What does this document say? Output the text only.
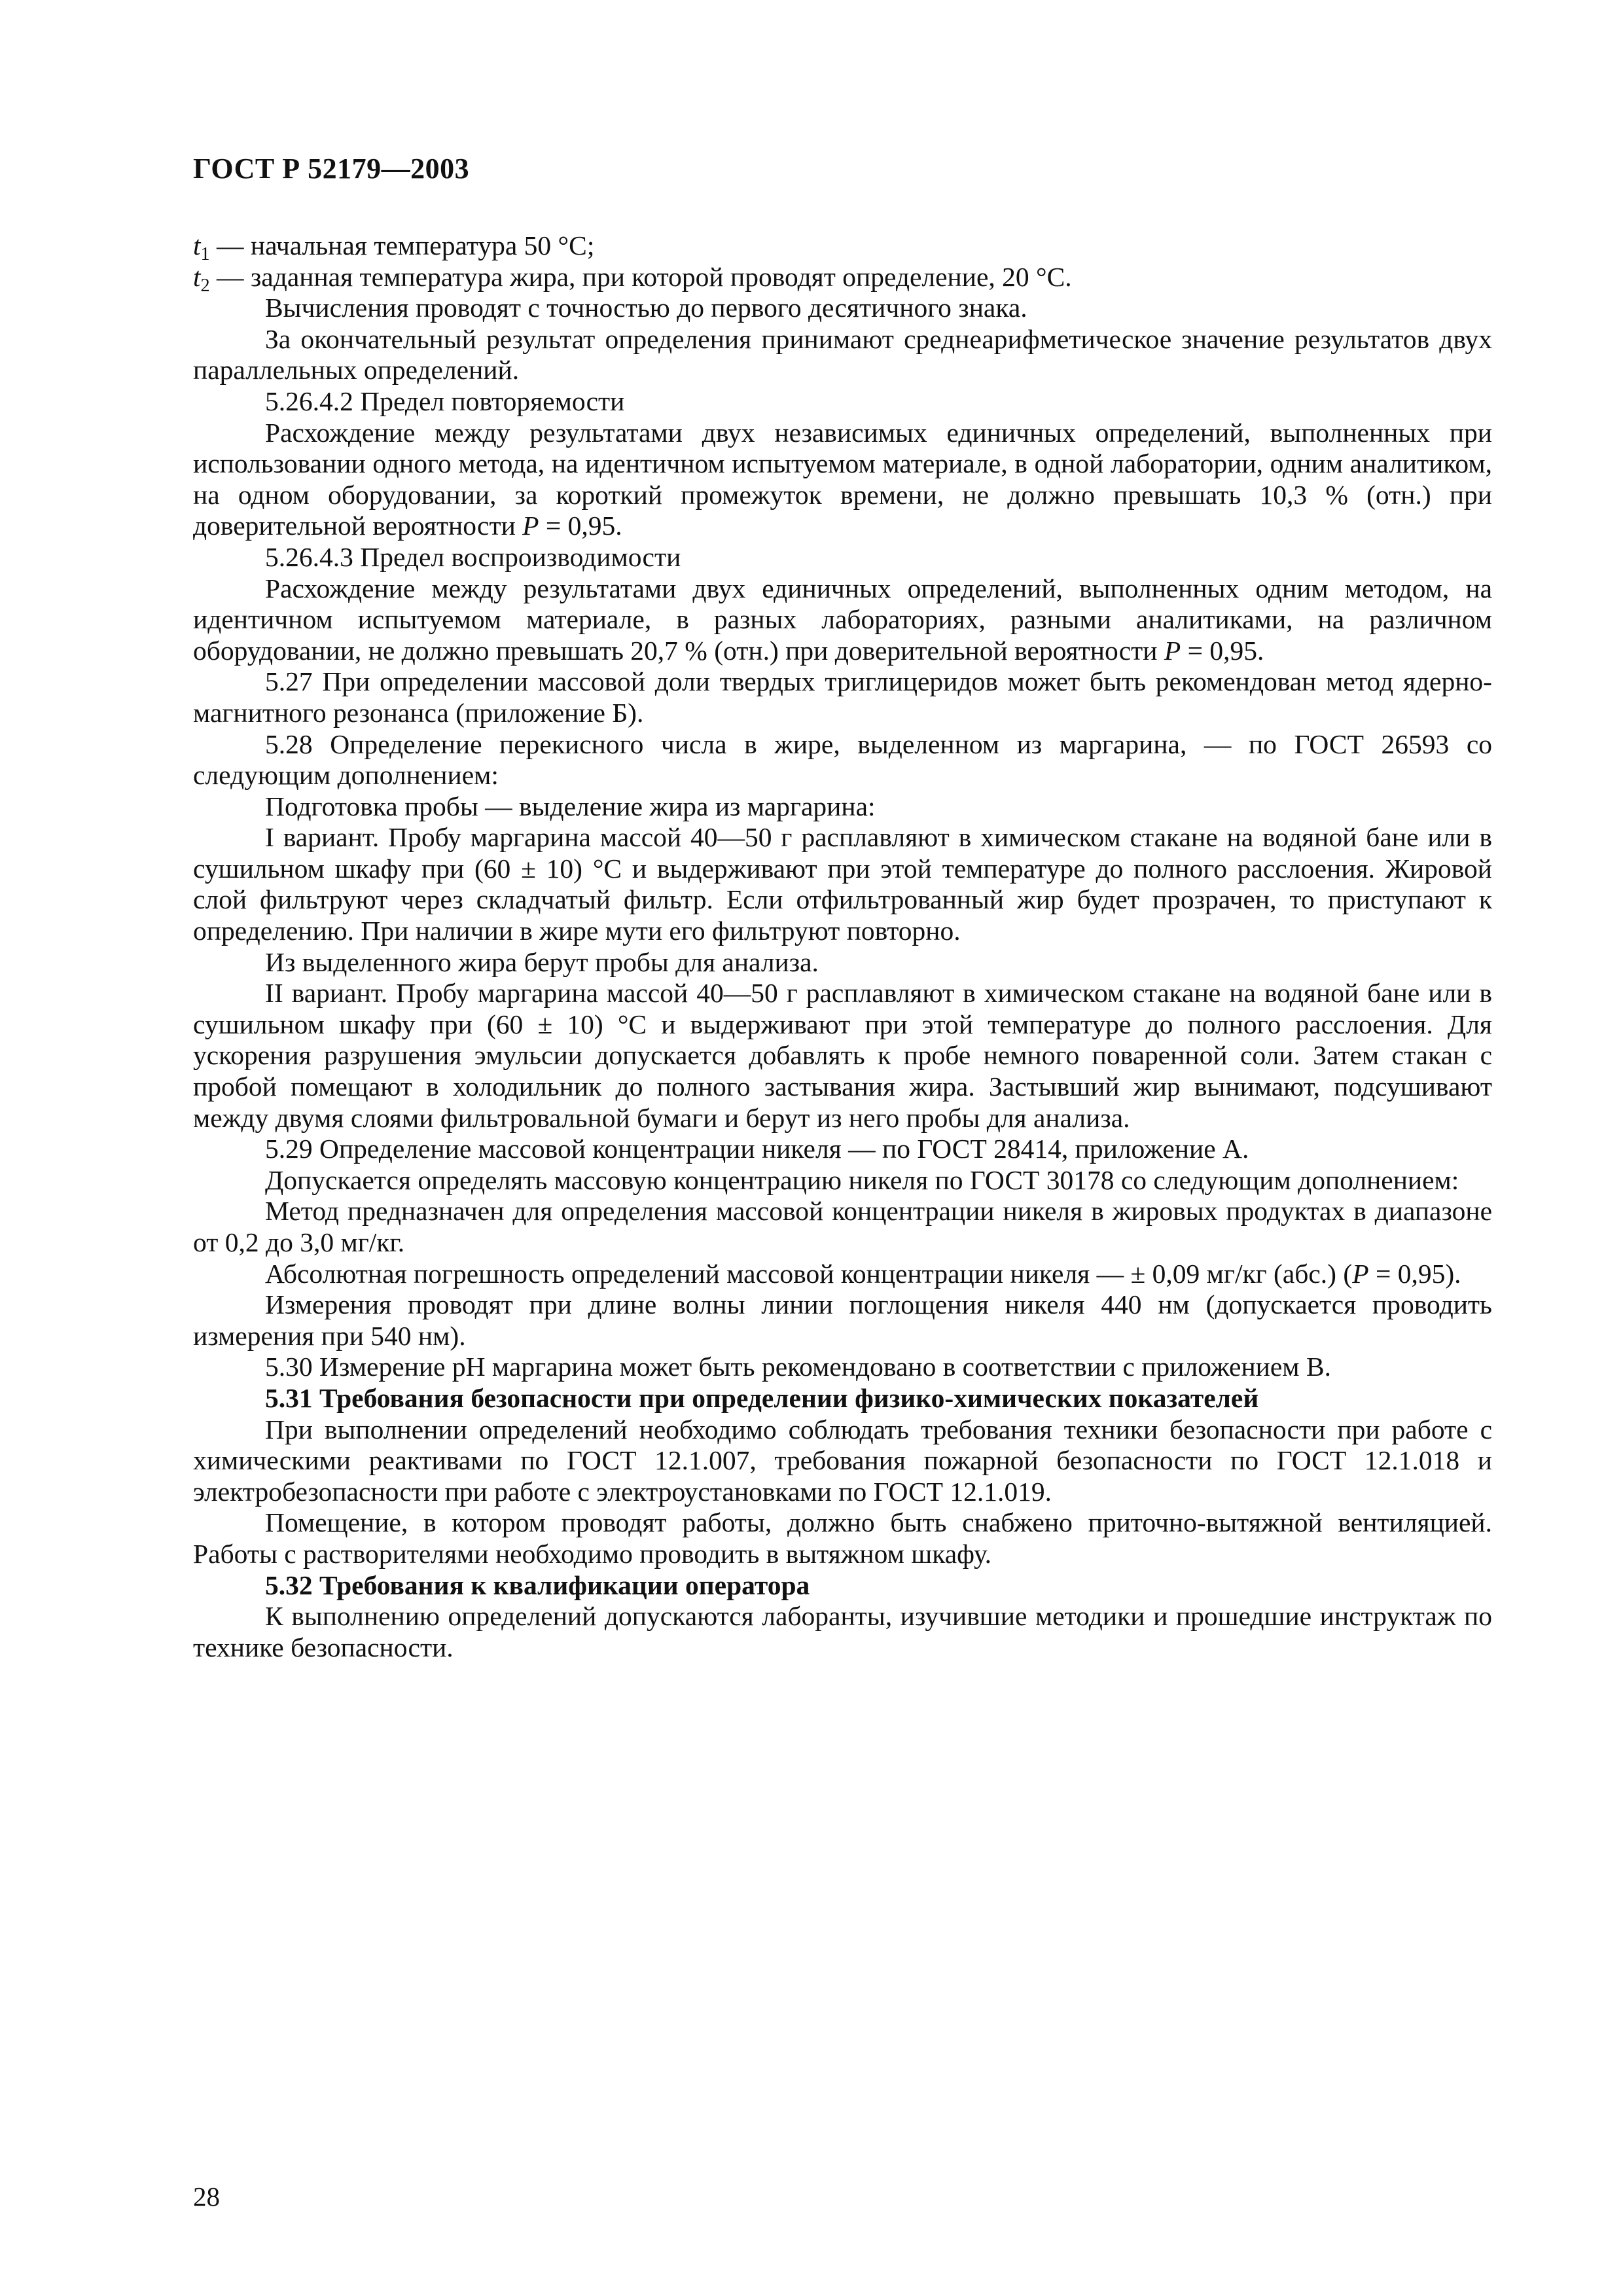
ГОСТ Р 52179—2003

$t_1$ — начальная температура 50 °С;

$t_2$ — заданная температура жира, при которой проводят определение, 20 °С.

Вычисления проводят с точностью до первого десятичного знака.

За окончательный результат определения принимают среднеарифметическое значение результатов двух параллельных определений.

5.26.4.2 Предел повторяемости

Расхождение между результатами двух независимых единичных определений, выполненных при использовании одного метода, на идентичном испытуемом материале, в одной лаборатории, одним аналитиком, на одном оборудовании, за короткий промежуток времени, не должно превышать 10,3 % (отн.) при доверительной вероятности P = 0,95.

5.26.4.3 Предел воспроизводимости

Расхождение между результатами двух единичных определений, выполненных одним методом, на идентичном испытуемом материале, в разных лабораториях, разными аналитиками, на различном оборудовании, не должно превышать 20,7 % (отн.) при доверительной вероятности P = 0,95.

5.27 При определении массовой доли твердых триглицеридов может быть рекомендован метод ядерно-магнитного резонанса (приложение Б).

5.28 Определение перекисного числа в жире, выделенном из маргарина, — по ГОСТ 26593 со следующим дополнением:

Подготовка пробы — выделение жира из маргарина:

I вариант. Пробу маргарина массой 40—50 г расплавляют в химическом стакане на водяной бане или в сушильном шкафу при (60 ± 10) °С и выдерживают при этой температуре до полного расслоения. Жировой слой фильтруют через складчатый фильтр. Если отфильтрованный жир будет прозрачен, то приступают к определению. При наличии в жире мути его фильтруют повторно.

Из выделенного жира берут пробы для анализа.

II вариант. Пробу маргарина массой 40—50 г расплавляют в химическом стакане на водяной бане или в сушильном шкафу при (60 ± 10) °С и выдерживают при этой температуре до полного расслоения. Для ускорения разрушения эмульсии допускается добавлять к пробе немного поваренной соли. Затем стакан с пробой помещают в холодильник до полного застывания жира. Застывший жир вынимают, подсушивают между двумя слоями фильтровальной бумаги и берут из него пробы для анализа.

5.29 Определение массовой концентрации никеля — по ГОСТ 28414, приложение А.

Допускается определять массовую концентрацию никеля по ГОСТ 30178 со следующим дополнением:

Метод предназначен для определения массовой концентрации никеля в жировых продуктах в диапазоне от 0,2 до 3,0 мг/кг.

Абсолютная погрешность определений массовой концентрации никеля — ± 0,09 мг/кг (абс.) (P = 0,95).

Измерения проводят при длине волны линии поглощения никеля 440 нм (допускается проводить измерения при 540 нм).

5.30 Измерение рН маргарина может быть рекомендовано в соответствии с приложением В.

5.31 Требования безопасности при определении физико-химических показателей

При выполнении определений необходимо соблюдать требования техники безопасности при работе с химическими реактивами по ГОСТ 12.1.007, требования пожарной безопасности по ГОСТ 12.1.018 и электробезопасности при работе с электроустановками по ГОСТ 12.1.019.

Помещение, в котором проводят работы, должно быть снабжено приточно-вытяжной вентиляцией. Работы с растворителями необходимо проводить в вытяжном шкафу.

5.32 Требования к квалификации оператора

К выполнению определений допускаются лаборанты, изучившие методики и прошедшие инструктаж по технике безопасности.

28
